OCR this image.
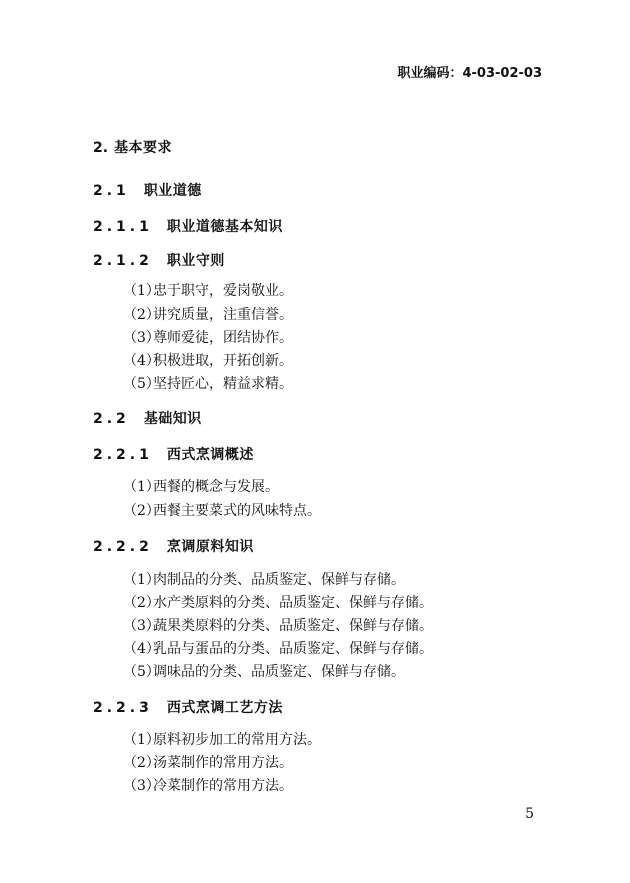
职业编码：4-03-02-03
2. 基本要求
2.1 职业道德
2.1.1 职业道德基本知识
2.1.2 职业守则
（1）忠于职守，爱岗敬业。
（2）讲究质量，注重信誉。
（3）尊师爱徒，团结协作。
（4）积极进取，开拓创新。
（5）坚持匠心，精益求精。
2.2 基础知识
2.2.1 西式烹调概述
（1）西餐的概念与发展。
（2）西餐主要菜式的风味特点。
2.2.2 烹调原料知识
（1）肉制品的分类、品质鉴定、保鲜与存储。
（2）水产类原料的分类、品质鉴定、保鲜与存储。
（3）蔬果类原料的分类、品质鉴定、保鲜与存储。
（4）乳品与蛋品的分类、品质鉴定、保鲜与存储。
（5）调味品的分类、品质鉴定、保鲜与存储。
2.2.3 西式烹调工艺方法
（1）原料初步加工的常用方法。
（2）汤菜制作的常用方法。
（3）冷菜制作的常用方法。
5
